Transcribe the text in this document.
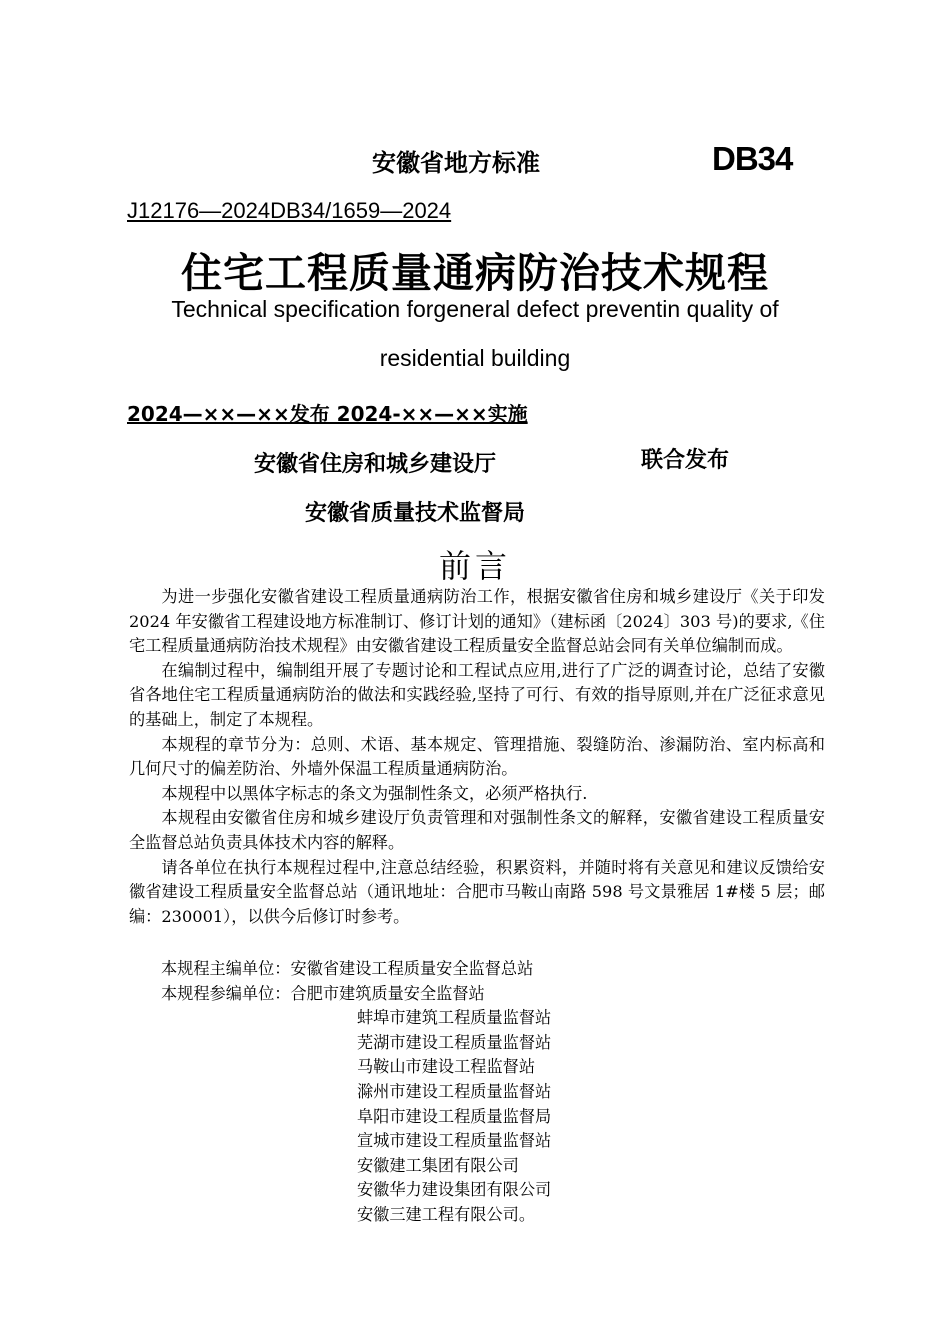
安徽省地方标准	DB34
J12176—2024DB34/1659—2024
住宅工程质量通病防治技术规程
Technical specification forgeneral defect preventin quality of
residential building
2024—××—××发布 2024-××—××实施
安徽省住房和城乡建设厅	联合发布
安徽省质量技术监督局
前言

为进一步强化安徽省建设工程质量通病防治工作，根据安徽省住房和城乡建设厅《关于印发 2024 年安徽省工程建设地方标准制订、修订计划的通知》（建标函〔2024〕303 号)的要求,《住宅工程质量通病防治技术规程》由安徽省建设工程质量安全监督总站会同有关单位编制而成。

在编制过程中，编制组开展了专题讨论和工程试点应用,进行了广泛的调查讨论，总结了安徽省各地住宅工程质量通病防治的做法和实践经验,坚持了可行、有效的指导原则,并在广泛征求意见的基础上，制定了本规程。

本规程的章节分为：总则、术语、基本规定、管理措施、裂缝防治、渗漏防治、室内标高和几何尺寸的偏差防治、外墙外保温工程质量通病防治。

本规程中以黑体字标志的条文为强制性条文，必须严格执行.

本规程由安徽省住房和城乡建设厅负责管理和对强制性条文的解释，安徽省建设工程质量安全监督总站负责具体技术内容的解释。

请各单位在执行本规程过程中,注意总结经验，积累资料，并随时将有关意见和建议反馈给安徽省建设工程质量安全监督总站（通讯地址：合肥市马鞍山南路 598 号文景雅居 1#楼 5 层；邮编：230001），以供今后修订时参考。

本规程主编单位：安徽省建设工程质量安全监督总站
本规程参编单位：合肥市建筑质量安全监督站
蚌埠市建筑工程质量监督站
芜湖市建设工程质量监督站
马鞍山市建设工程监督站
滁州市建设工程质量监督站
阜阳市建设工程质量监督局
宣城市建设工程质量监督站
安徽建工集团有限公司
安徽华力建设集团有限公司
安徽三建工程有限公司。
